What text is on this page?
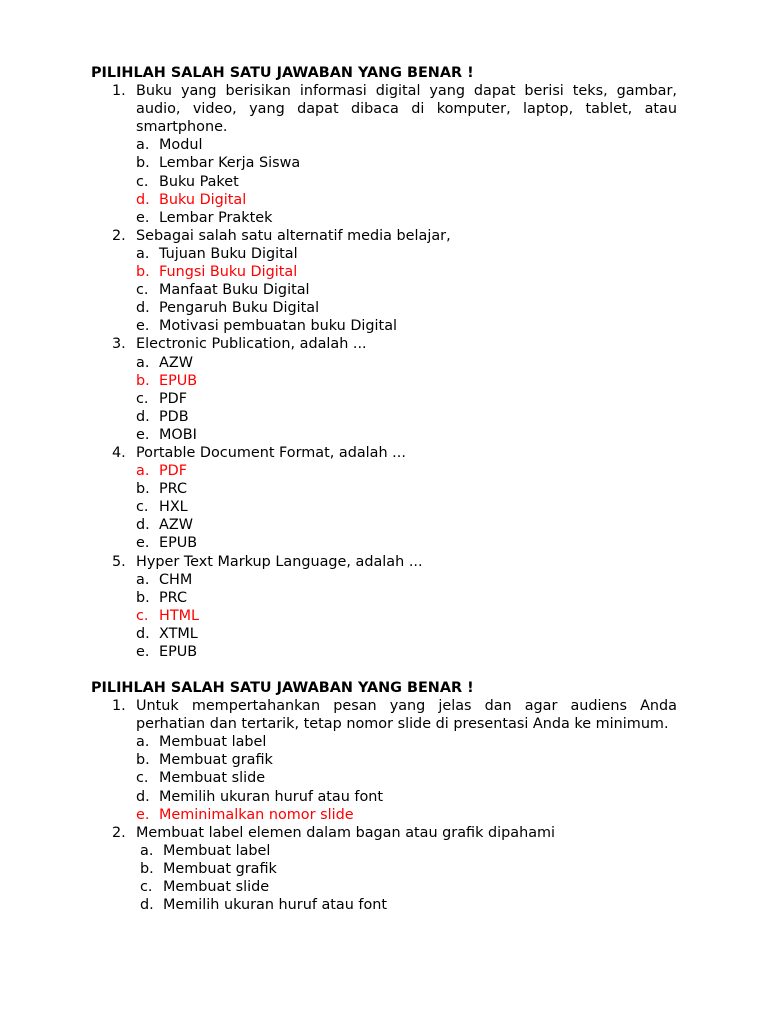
PILIHLAH SALAH SATU JAWABAN YANG BENAR !
1. Buku yang berisikan informasi digital yang dapat berisi teks, gambar, audio, video, yang dapat dibaca di komputer, laptop, tablet, atau smartphone.
a. Modul
b. Lembar Kerja Siswa
c. Buku Paket
d. Buku Digital
e. Lembar Praktek
2. Sebagai salah satu alternatif media belajar,
a. Tujuan Buku Digital
b. Fungsi Buku Digital
c. Manfaat Buku Digital
d. Pengaruh Buku Digital
e. Motivasi pembuatan buku Digital
3. Electronic Publication, adalah ...
a. AZW
b. EPUB
c. PDF
d. PDB
e. MOBI
4. Portable Document Format, adalah ...
a. PDF
b. PRC
c. HXL
d. AZW
e. EPUB
5. Hyper Text Markup Language, adalah ...
a. CHM
b. PRC
c. HTML
d. XTML
e. EPUB
PILIHLAH SALAH SATU JAWABAN YANG BENAR !
1. Untuk mempertahankan pesan yang jelas dan agar audiens Anda perhatian dan tertarik, tetap nomor slide di presentasi Anda ke minimum.
a. Membuat label
b. Membuat grafik
c. Membuat slide
d. Memilih ukuran huruf atau font
e. Meminimalkan nomor slide
2. Membuat label elemen dalam bagan atau grafik dipahami
a. Membuat label
b. Membuat grafik
c. Membuat slide
d. Memilih ukuran huruf atau font
